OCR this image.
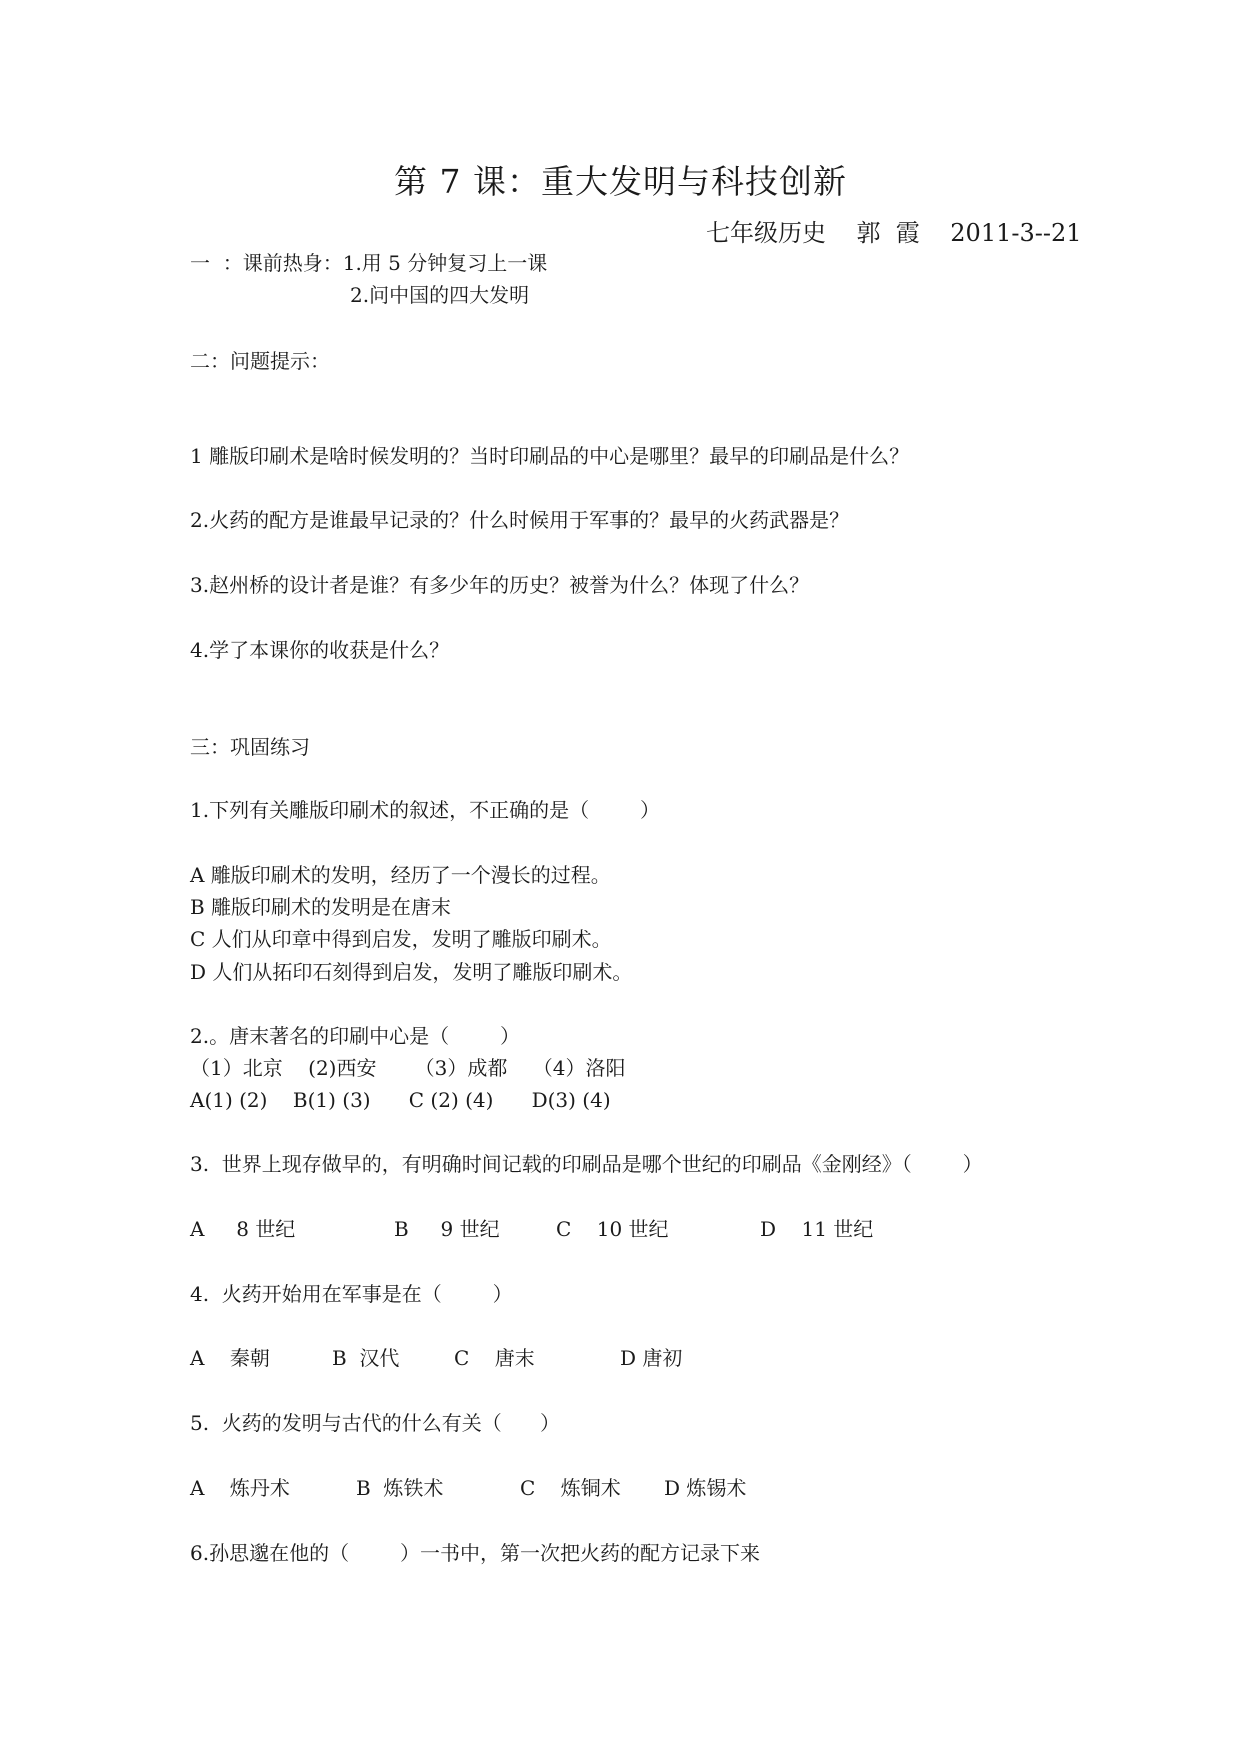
第 7 课：重大发明与科技创新
七年级历史    郭  霞    2011-3--21
一  ：课前热身：1.用 5 分钟复习上一课
2.问中国的四大发明
二：问题提示：
1 雕版印刷术是啥时候发明的？当时印刷品的中心是哪里？最早的印刷品是什么？
2.火药的配方是谁最早记录的？什么时候用于军事的？最早的火药武器是？
3.赵州桥的设计者是谁？有多少年的历史？被誉为什么？体现了什么？
4.学了本课你的收获是什么？
三：巩固练习
1.下列有关雕版印刷术的叙述，不正确的是（        ）
A 雕版印刷术的发明，经历了一个漫长的过程。
B 雕版印刷术的发明是在唐末
C 人们从印章中得到启发，发明了雕版印刷术。
D 人们从拓印石刻得到启发，发明了雕版印刷术。
2.。唐末著名的印刷中心是（        ）
（1）北京    (2)西安      （3）成都    （4）洛阳
A(1) (2)    B(1) (3)      C (2) (4)      D(3) (4)
3.  世界上现存做早的，有明确时间记载的印刷品是哪个世纪的印刷品《金刚经》（        ）

A     8 世纪

	B     9 世纪

	C    10 世纪

	D    11 世纪

4.  火药开始用在军事是在（        ）

A    秦朝

	B  汉代

	C    唐末

	D 唐初

5.  火药的发明与古代的什么有关（      ）

A    炼丹术

	B  炼铁术

	C    炼铜术

D 炼锡术

6.孙思邈在他的（        ）一书中，第一次把火药的配方记录下来
